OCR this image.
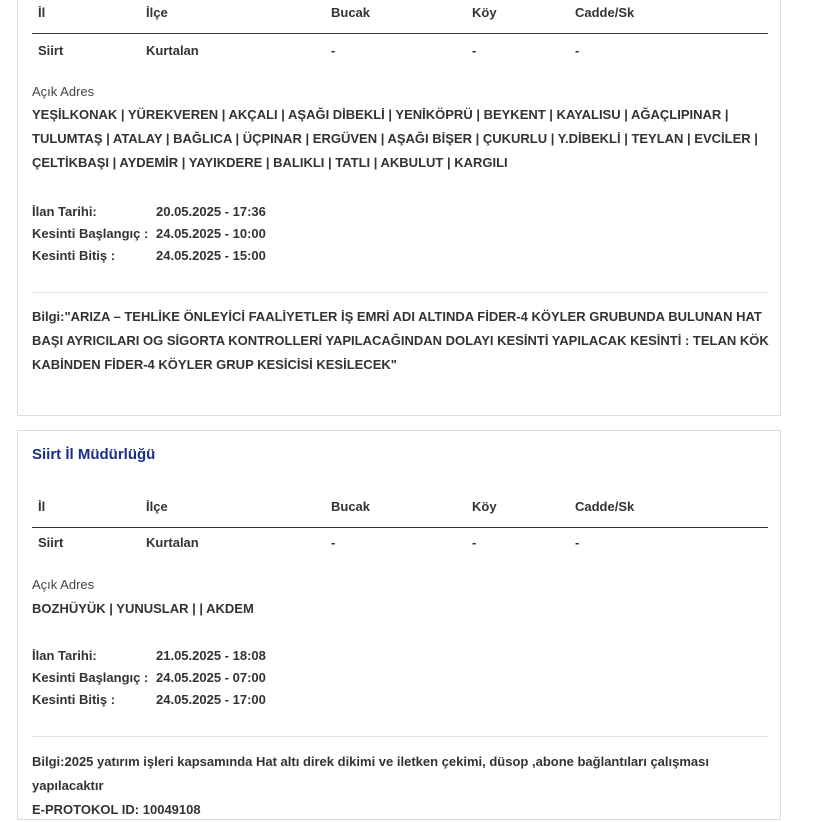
İl	İlçe	Bucak	Köy	Cadde/Sk
Siirt	Kurtalan	-	-	-
Açık Adres
YEŞİLKONAK | YÜREKVEREN | AKÇALI | AŞAĞI DİBEKLİ | YENİKÖPRÜ | BEYKENT | KAYALISU | AĞAÇLIPINAR |
TULUMTAŞ | ATALAY | BAĞLICA | ÜÇPINAR | ERGÜVEN | AŞAĞI BİŞER | ÇUKURLU | Y.DİBEKLİ | TEYLAN | EVCİLER |
ÇELTİKBAŞI | AYDEMİR | YAYIKDERE | BALIKLI | TATLI | AKBULUT | KARGILI
İlan Tarihi:	20.05.2025 - 17:36
Kesinti Başlangıç : 24.05.2025 - 10:00
Kesinti Bitiş :	24.05.2025 - 15:00
Bilgi:"ARIZA – TEHLİKE ÖNLEYİCİ FAALİYETLER İŞ EMRİ ADI ALTINDA FİDER-4 KÖYLER GRUBUNDA BULUNAN HAT
BAŞI AYRICILARI OG SİGORTA KONTROLLERİ YAPILACAĞINDAN DOLAYI KESİNTİ YAPILACAK KESİNTİ : TELAN KÖK
KABİNDEN FİDER-4 KÖYLER GRUP KESİCİSİ KESİLECEK"
Siirt İl Müdürlüğü
İl	İlçe	Bucak	Köy	Cadde/Sk
Siirt	Kurtalan	-	-	-
Açık Adres
BOZHÜYÜK | YUNUSLAR | | AKDEM
İlan Tarihi:	21.05.2025 - 18:08
Kesinti Başlangıç : 24.05.2025 - 07:00
Kesinti Bitiş :	24.05.2025 - 17:00
Bilgi:2025 yatırım işleri kapsamında Hat altı direk dikimi ve iletken çekimi, düsop ,abone bağlantıları çalışması yapılacaktır
E-PROTOKOL ID: 10049108
